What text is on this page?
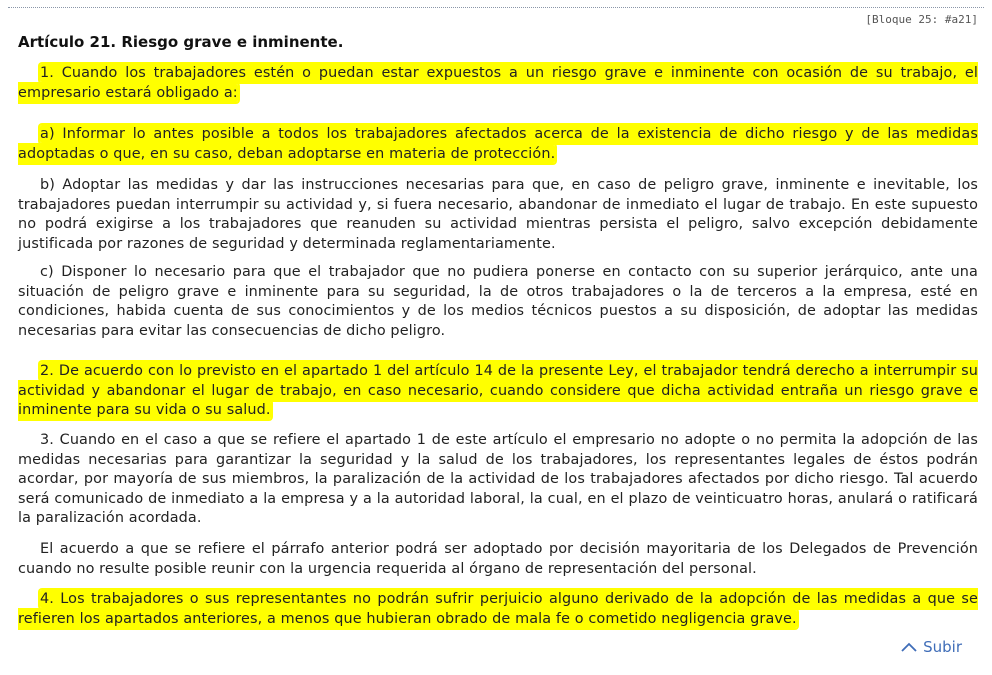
[Bloque 25: #a21]
Artículo 21. Riesgo grave e inminente.

1. Cuando los trabajadores estén o puedan estar expuestos a un riesgo grave e inminente con ocasión de su trabajo, el empresario estará obligado a:

a) Informar lo antes posible a todos los trabajadores afectados acerca de la existencia de dicho riesgo y de las medidas adoptadas o que, en su caso, deban adoptarse en materia de protección.

b) Adoptar las medidas y dar las instrucciones necesarias para que, en caso de peligro grave, inminente e inevitable, los trabajadores puedan interrumpir su actividad y, si fuera necesario, abandonar de inmediato el lugar de trabajo. En este supuesto no podrá exigirse a los trabajadores que reanuden su actividad mientras persista el peligro, salvo excepción debidamente justificada por razones de seguridad y determinada reglamentariamente.

c) Disponer lo necesario para que el trabajador que no pudiera ponerse en contacto con su superior jerárquico, ante una situación de peligro grave e inminente para su seguridad, la de otros trabajadores o la de terceros a la empresa, esté en condiciones, habida cuenta de sus conocimientos y de los medios técnicos puestos a su disposición, de adoptar las medidas necesarias para evitar las consecuencias de dicho peligro.

2. De acuerdo con lo previsto en el apartado 1 del artículo 14 de la presente Ley, el trabajador tendrá derecho a interrumpir su actividad y abandonar el lugar de trabajo, en caso necesario, cuando considere que dicha actividad entraña un riesgo grave e inminente para su vida o su salud.

3. Cuando en el caso a que se refiere el apartado 1 de este artículo el empresario no adopte o no permita la adopción de las medidas necesarias para garantizar la seguridad y la salud de los trabajadores, los representantes legales de éstos podrán acordar, por mayoría de sus miembros, la paralización de la actividad de los trabajadores afectados por dicho riesgo. Tal acuerdo será comunicado de inmediato a la empresa y a la autoridad laboral, la cual, en el plazo de veinticuatro horas, anulará o ratificará la paralización acordada.

El acuerdo a que se refiere el párrafo anterior podrá ser adoptado por decisión mayoritaria de los Delegados de Prevención cuando no resulte posible reunir con la urgencia requerida al órgano de representación del personal.

4. Los trabajadores o sus representantes no podrán sufrir perjuicio alguno derivado de la adopción de las medidas a que se refieren los apartados anteriores, a menos que hubieran obrado de mala fe o cometido negligencia grave.

Subir
